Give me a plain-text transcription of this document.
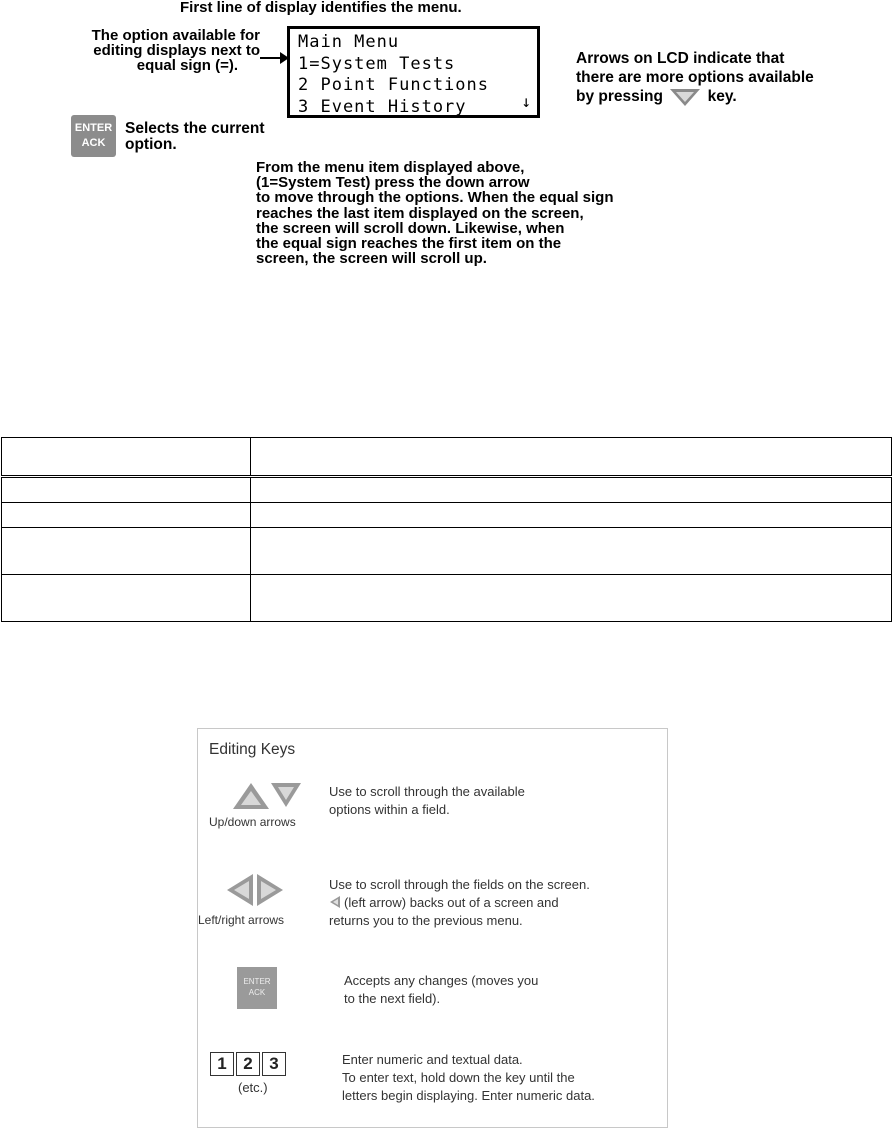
First line of display identifies the menu.
The option available for
editing displays next to
equal sign (=).
Main Menu
1=System Tests
2 Point Functions
3 Event History	↓
Arrows on LCD indicate that
there are more options available
by pressing	key.
ENTER
ACK
Selects the current
option.
From the menu item displayed above,
(1=System Test) press the down arrow
to move through the options. When the equal sign
reaches the last item displayed on the screen,
the screen will scroll down. Likewise, when
the equal sign reaches the first item on the
screen, the screen will scroll up.

Editing Keys
Up/down arrows
Use to scroll through the available
options within a field.
Left/right arrows
Use to scroll through the fields on the screen.
(left arrow) backs out of a screen and
returns you to the previous menu.
ENTER
ACK
Accepts any changes (moves you
to the next field).
1 2 3
(etc.)
Enter numeric and textual data.
To enter text, hold down the key until the
letters begin displaying. Enter numeric data.
